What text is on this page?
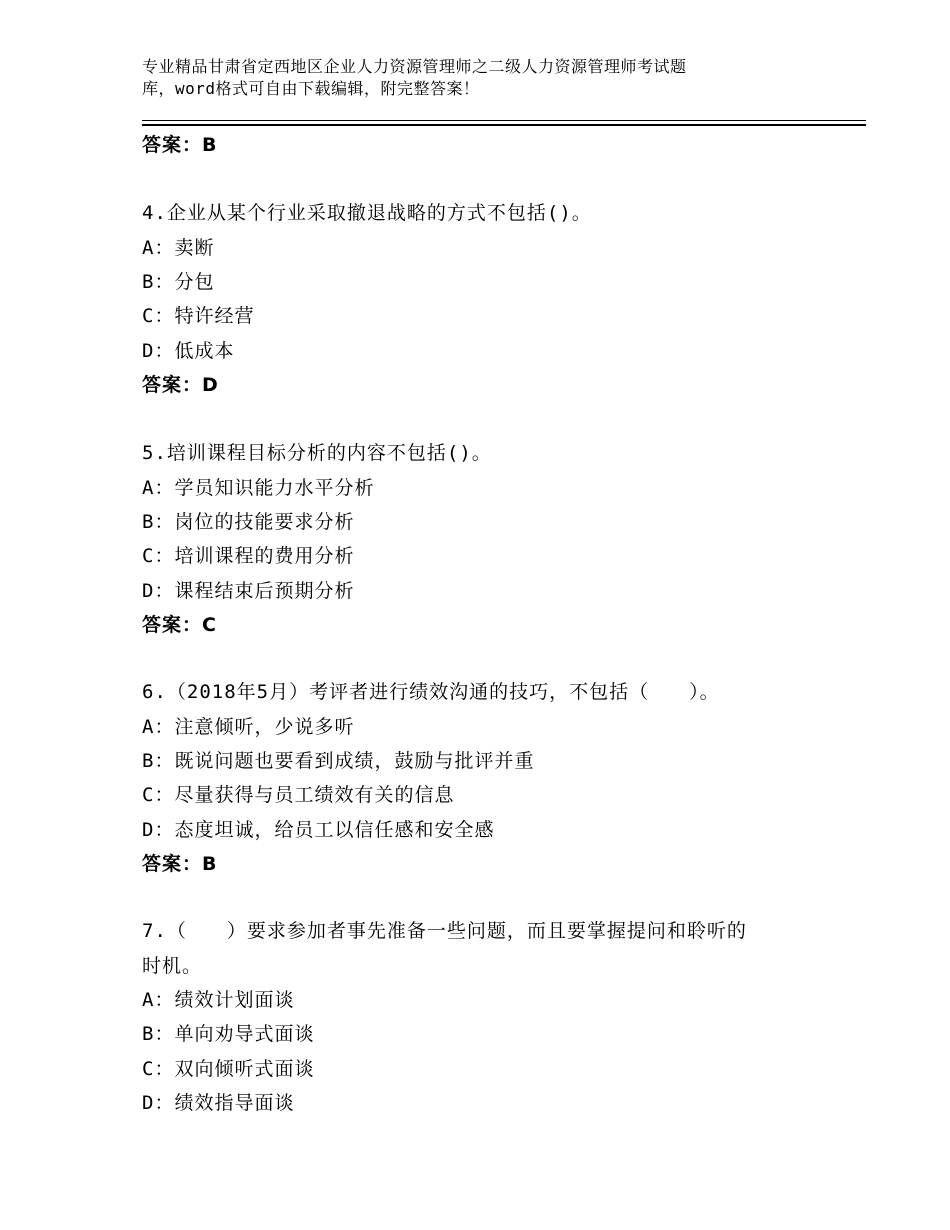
专业精品甘肃省定西地区企业人力资源管理师之二级人力资源管理师考试题
库，word格式可自由下载编辑，附完整答案！
答案：B
4.企业从某个行业采取撤退战略的方式不包括()。
A：卖断
B：分包
C：特许经营
D：低成本
答案：D
5.培训课程目标分析的内容不包括()。
A：学员知识能力水平分析
B：岗位的技能要求分析
C：培训课程的费用分析
D：课程结束后预期分析
答案：C
6.（2018年5月）考评者进行绩效沟通的技巧，不包括（　　）。
A：注意倾听，少说多听
B：既说问题也要看到成绩，鼓励与批评并重
C：尽量获得与员工绩效有关的信息
D：态度坦诚，给员工以信任感和安全感
答案：B
7.（　　）要求参加者事先准备一些问题，而且要掌握提问和聆听的
时机。
A：绩效计划面谈
B：单向劝导式面谈
C：双向倾听式面谈
D：绩效指导面谈
